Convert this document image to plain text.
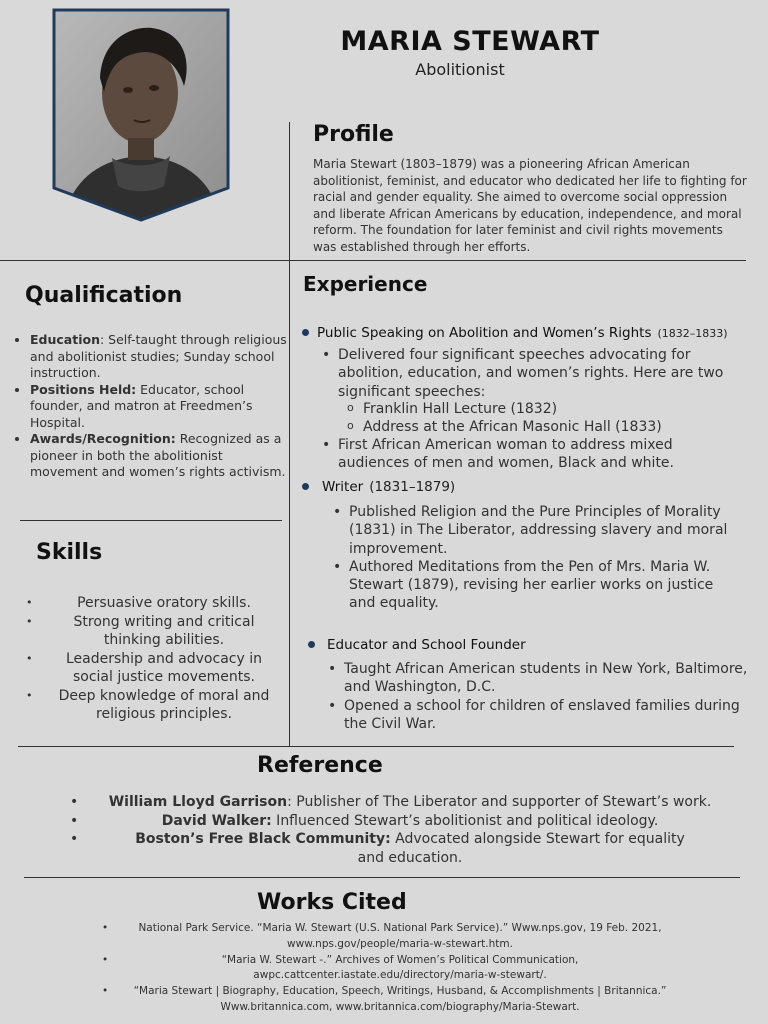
MARIA STEWART
Abolitionist
Profile
Maria Stewart (1803–1879) was a pioneering African American abolitionist, feminist, and educator who dedicated her life to fighting for racial and gender equality. She aimed to overcome social oppression and liberate African Americans by education, independence, and moral reform. The foundation for later feminist and civil rights movements was established through her efforts.
Qualification
• Education: Self-taught through religious and abolitionist studies; Sunday school instruction.
• Positions Held: Educator, school founder, and matron at Freedmen’s Hospital.
• Awards/Recognition: Recognized as a pioneer in both the abolitionist movement and women’s rights activism.
Skills
• Persuasive oratory skills.
• Strong writing and critical thinking abilities.
• Leadership and advocacy in social justice movements.
• Deep knowledge of moral and religious principles.
Experience
Public Speaking on Abolition and Women’s Rights (1832–1833)
• Delivered four significant speeches advocating for abolition, education, and women’s rights. Here are two significant speeches:
o Franklin Hall Lecture (1832)
o Address at the African Masonic Hall (1833)
• First African American woman to address mixed audiences of men and women, Black and white.
Writer (1831–1879)
• Published Religion and the Pure Principles of Morality (1831) in The Liberator, addressing slavery and moral improvement.
• Authored Meditations from the Pen of Mrs. Maria W. Stewart (1879), revising her earlier works on justice and equality.
Educator and School Founder
• Taught African American students in New York, Baltimore, and Washington, D.C.
• Opened a school for children of enslaved families during the Civil War.
Reference
• William Lloyd Garrison: Publisher of The Liberator and supporter of Stewart’s work.
•	David Walker: Influenced Stewart’s abolitionist and political ideology.
•	Boston’s Free Black Community: Advocated alongside Stewart for equality and education.
Works Cited
•	National Park Service. “Maria W. Stewart (U.S. National Park Service).” Www.nps.gov, 19 Feb. 2021, www.nps.gov/people/maria-w-stewart.htm.
•	“Maria W. Stewart -.” Archives of Women’s Political Communication, awpc.cattcenter.iastate.edu/directory/maria-w-stewart/.
• “Maria Stewart | Biography, Education, Speech, Writings, Husband, & Accomplishments | Britannica.” Www.britannica.com, www.britannica.com/biography/Maria-Stewart.
